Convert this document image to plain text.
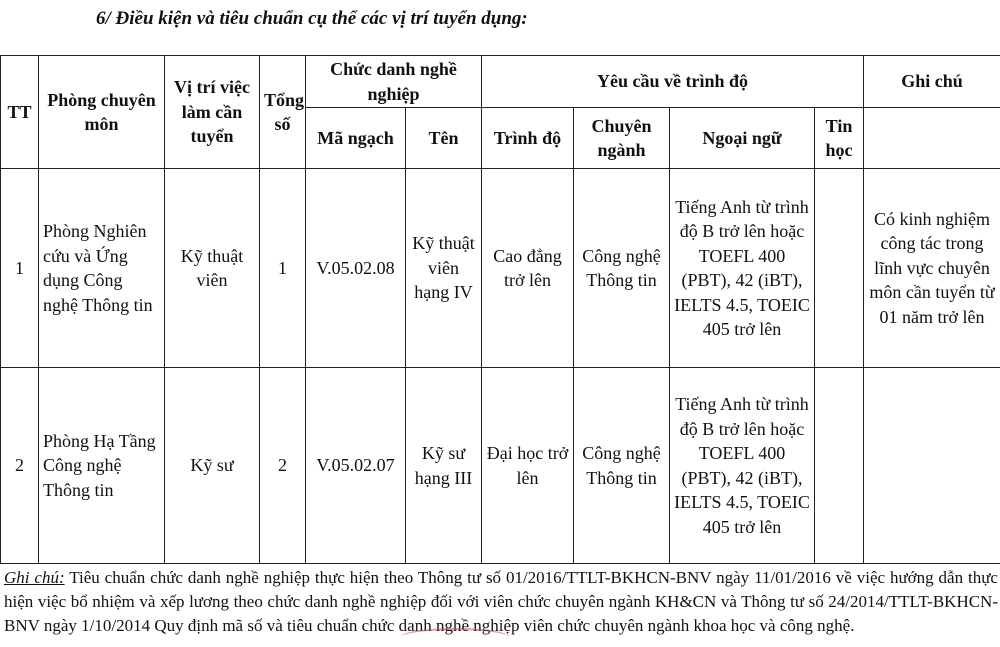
6/ Điều kiện và tiêu chuẩn cụ thể các vị trí tuyển dụng:

TT	Phòng chuyên môn	Vị trí việc làm cần tuyển	Tổng số	Chức danh nghề nghiệp		Yêu cầu về trình độ				Ghi chú
				Mã ngạch	Tên	Trình độ	Chuyên ngành	Ngoại ngữ	Tin học	
1	Phòng Nghiên cứu và Ứng dụng Công nghệ Thông tin	Kỹ thuật viên	1	V.05.02.08	Kỹ thuật viên hạng IV	Cao đẳng trở lên	Công nghệ Thông tin	Tiếng Anh từ trình độ B trở lên hoặc TOEFL 400 (PBT), 42 (iBT), IELTS 4.5, TOEIC 405 trở lên		Có kinh nghiệm công tác trong lĩnh vực chuyên môn cần tuyển từ 01 năm trở lên
2	Phòng Hạ Tầng Công nghệ Thông tin	Kỹ sư	2	V.05.02.07	Kỹ sư hạng III	Đại học trở lên	Công nghệ Thông tin	Tiếng Anh từ trình độ B trở lên hoặc TOEFL 400 (PBT), 42 (iBT), IELTS 4.5, TOEIC 405 trở lên		

Ghi chú: Tiêu chuẩn chức danh nghề nghiệp thực hiện theo Thông tư số 01/2016/TTLT-BKHCN-BNV ngày 11/01/2016 về việc hướng dẫn thực hiện việc bổ nhiệm và xếp lương theo chức danh nghề nghiệp đối với viên chức chuyên ngành KH&CN và Thông tư số 24/2014/TTLT-BKHCN-BNV ngày 1/10/2014 Quy định mã số và tiêu chuẩn chức danh nghề nghiệp viên chức chuyên ngành khoa học và công nghệ.
